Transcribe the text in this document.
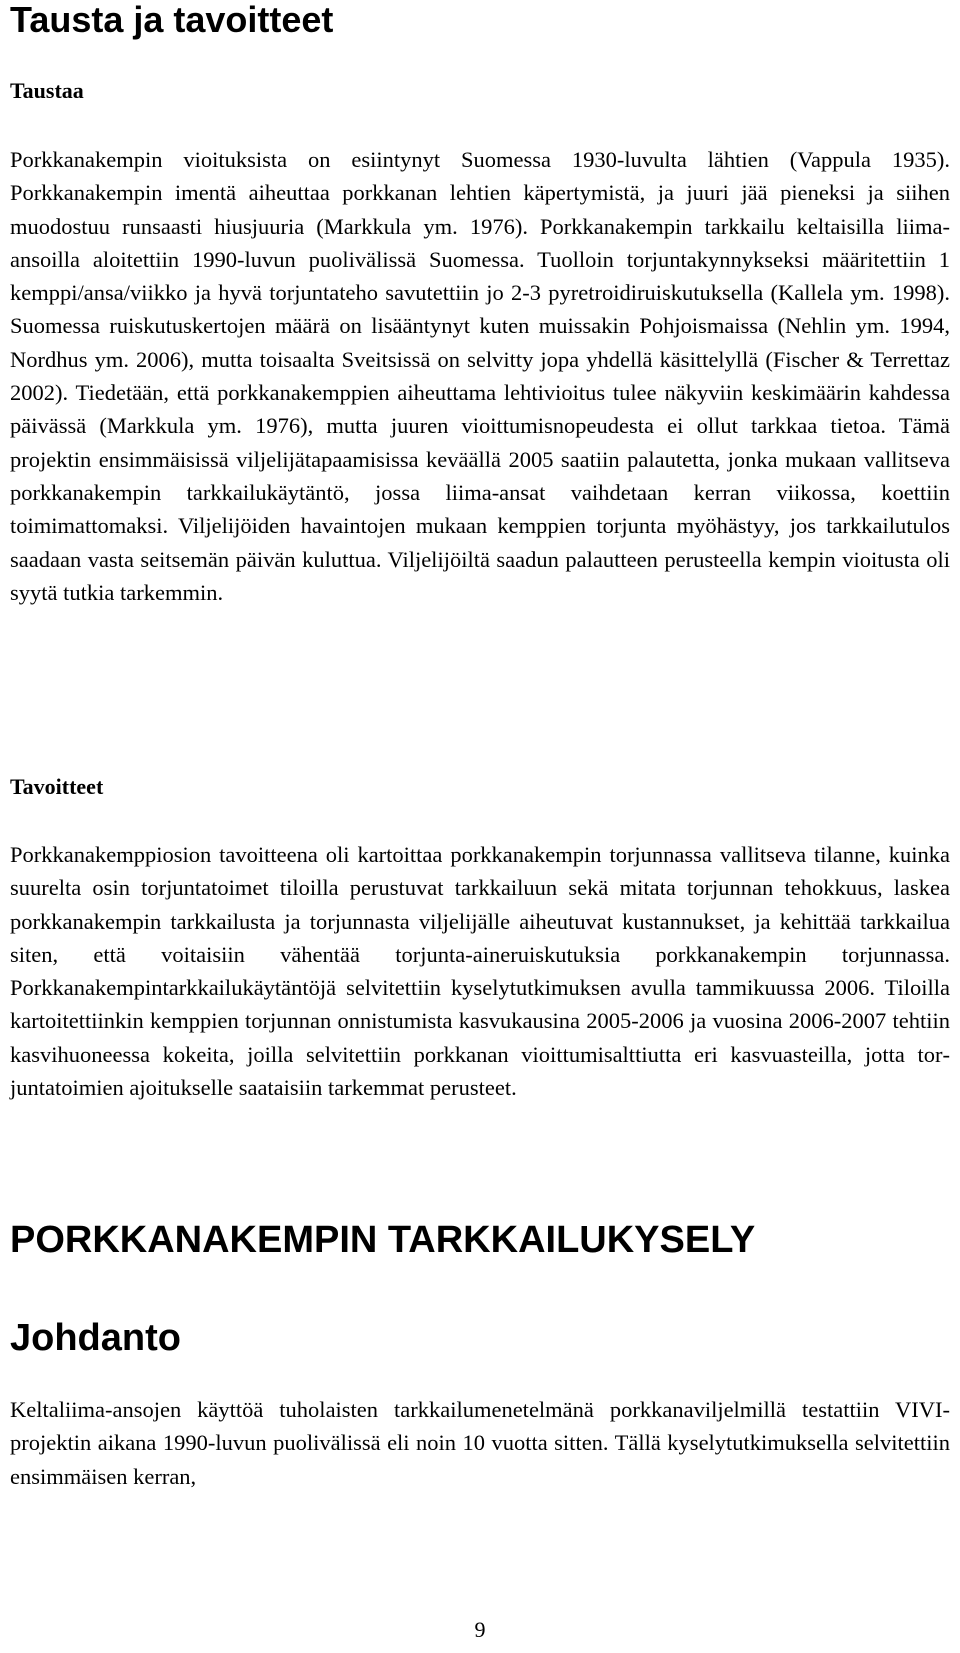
Tausta ja tavoitteet
Taustaa

Porkkanakempin vioituksista on esiintynyt Suomessa 1930-luvulta lähtien (Vappula 1935). Porkkanakempin imentä aiheuttaa porkkanan lehtien käpertymistä, ja juuri jää pieneksi ja siihen muodostuu runsaasti hiusjuuria (Markkula ym. 1976). Porkkanakempin tarkkailu keltaisilla liima-ansoilla aloitettiin 1990-luvun puolivälissä Suomessa. Tuolloin torjuntakynnykseksi määritettiin 1 kemppi/ansa/viikko ja hyvä torjuntateho savutettiin jo 2-3 pyretroidiruiskutuksella (Kallela ym. 1998). Suomessa ruiskutuskertojen määrä on lisääntynyt kuten muissakin Pohjoismaissa (Nehlin ym. 1994, Nordhus ym. 2006), mutta toisaalta Sveitsissä on selvitty jopa yhdellä käsittelyllä (Fischer & Terrettaz 2002). Tiedetään, että porkkanakemppien aiheuttama lehtivioitus tulee näkyviin keskimäärin kahdessa päivässä (Markkula ym. 1976), mutta juuren vioittumisnopeudesta ei ollut tarkkaa tietoa. Tämä projektin ensimmäisissä viljelijätapaamisissa keväällä 2005 saatiin palautetta, jonka mukaan vallitseva porkkanakempin tarkkailukäytäntö, jossa liima-ansat vaihdetaan kerran viikossa, koettiin toimimattomaksi. Viljelijöiden havaintojen mukaan kemppien torjunta myöhästyy, jos tarkkailutulos saadaan vasta seitsemän päivän kuluttua. Viljelijöiltä saadun palautteen perusteella kempin vioitusta oli syytä tutkia tarkemmin.

Tavoitteet

Porkkanakemppiosion tavoitteena oli kartoittaa porkkanakempin torjunnassa vallitseva tilanne, kuinka suurelta osin torjuntatoimet tiloilla perustuvat tarkkailuun sekä mitata torjunnan tehokkuus, laskea porkkanakempin tarkkailusta ja torjunnasta viljelijälle aiheutuvat kustannukset, ja kehittää tarkkailua siten, että voitaisiin vähentää torjunta-aineruiskutuksia porkkanakempin torjunnassa. Porkkanakempintarkkailukäytäntöjä selvitettiin kyselytutkimuksen avulla tammikuussa 2006. Tiloilla kartoitettiinkin kemppien torjunnan onnistumista kasvukausina 2005-2006 ja vuosina 2006-2007 tehtiin kasvihuoneessa kokeita, joilla selvitettiin porkkanan vioittumisalttiutta eri kasvuasteilla, jotta torjuntatoimien ajoitukselle saataisiin tarkemmat perusteet.

PORKKANAKEMPIN TARKKAILUKYSELY
Johdanto

Keltaliima-ansojen käyttöä tuholaisten tarkkailumenetelmänä porkkanaviljelmillä testattiin VIVI-projektin aikana 1990-luvun puolivälissä eli noin 10 vuotta sitten. Tällä kyselytutkimuksella selvitettiin ensimmäisen kerran,

9
